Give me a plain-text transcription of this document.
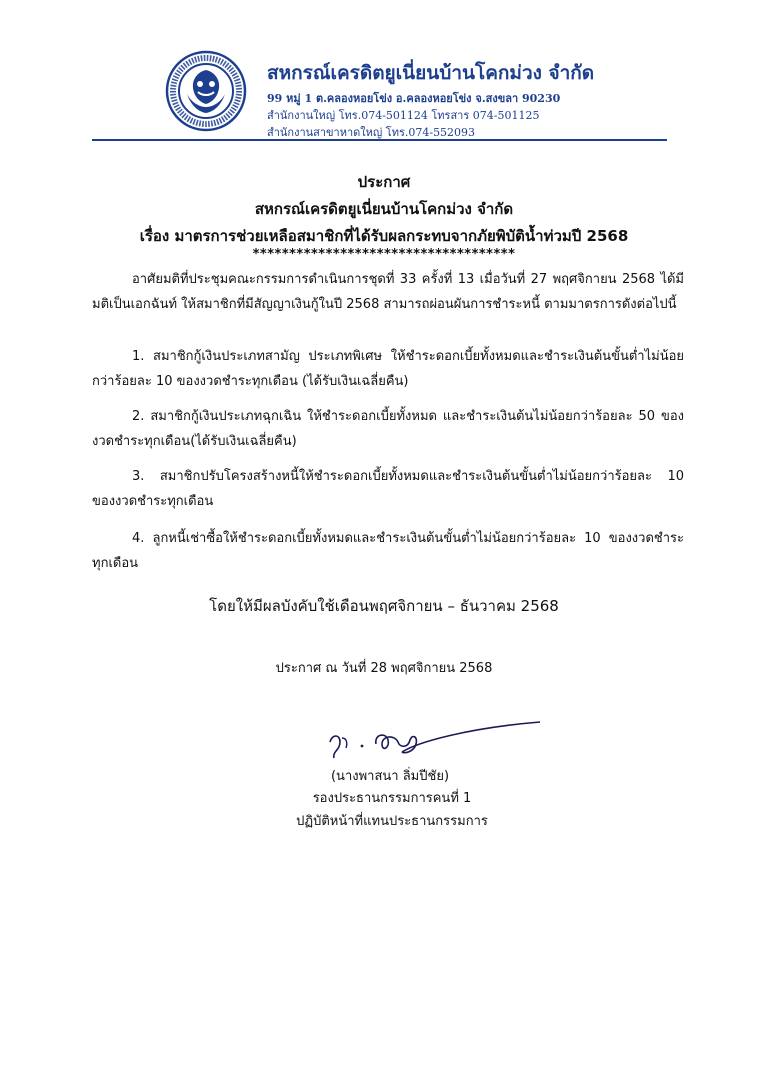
สหกรณ์เครดิตยูเนี่ยนบ้านโคกม่วง จำกัด
99 หมู่ 1 ต.คลองหอยโข่ง อ.คลองหอยโข่ง จ.สงขลา 90230
สำนักงานใหญ่ โทร.074-501124 โทรสาร 074-501125
สำนักงานสาขาหาดใหญ่ โทร.074-552093
ประกาศ
สหกรณ์เครดิตยูเนี่ยนบ้านโคกม่วง จำกัด
เรื่อง มาตรการช่วยเหลือสมาชิกที่ได้รับผลกระทบจากภัยพิบัติน้ำท่วมปี 2568
************************************
อาศัยมติที่ประชุมคณะกรรมการดำเนินการชุดที่ 33 ครั้งที่ 13 เมื่อวันที่ 27 พฤศจิกายน 2568 ได้มีมติเป็นเอกฉันท์ ให้สมาชิกที่มีสัญญาเงินกู้ในปี 2568 สามารถผ่อนผันการชำระหนี้ ตามมาตรการดังต่อไปนี้
1. สมาชิกกู้เงินประเภทสามัญ ประเภทพิเศษ ให้ชำระดอกเบี้ยทั้งหมดและชำระเงินต้นขั้นต่ำไม่น้อยกว่าร้อยละ 10 ของงวดชำระทุกเดือน (ได้รับเงินเฉลี่ยคืน)
2. สมาชิกกู้เงินประเภทฉุกเฉิน ให้ชำระดอกเบี้ยทั้งหมด และชำระเงินต้นไม่น้อยกว่าร้อยละ 50 ของงวดชำระทุกเดือน(ได้รับเงินเฉลี่ยคืน)
3. สมาชิกปรับโครงสร้างหนี้ให้ชำระดอกเบี้ยทั้งหมดและชำระเงินต้นขั้นต่ำไม่น้อยกว่าร้อยละ 10 ของงวดชำระทุกเดือน
4. ลูกหนี้เช่าซื้อให้ชำระดอกเบี้ยทั้งหมดและชำระเงินต้นขั้นต่ำไม่น้อยกว่าร้อยละ 10 ของงวดชำระทุกเดือน
โดยให้มีผลบังคับใช้เดือนพฤศจิกายน – ธันวาคม 2568
ประกาศ ณ วันที่ 28 พฤศจิกายน 2568
(นางพาสนา ลิ่มปีชัย)
รองประธานกรรมการคนที่ 1
ปฏิบัติหน้าที่แทนประธานกรรมการ
